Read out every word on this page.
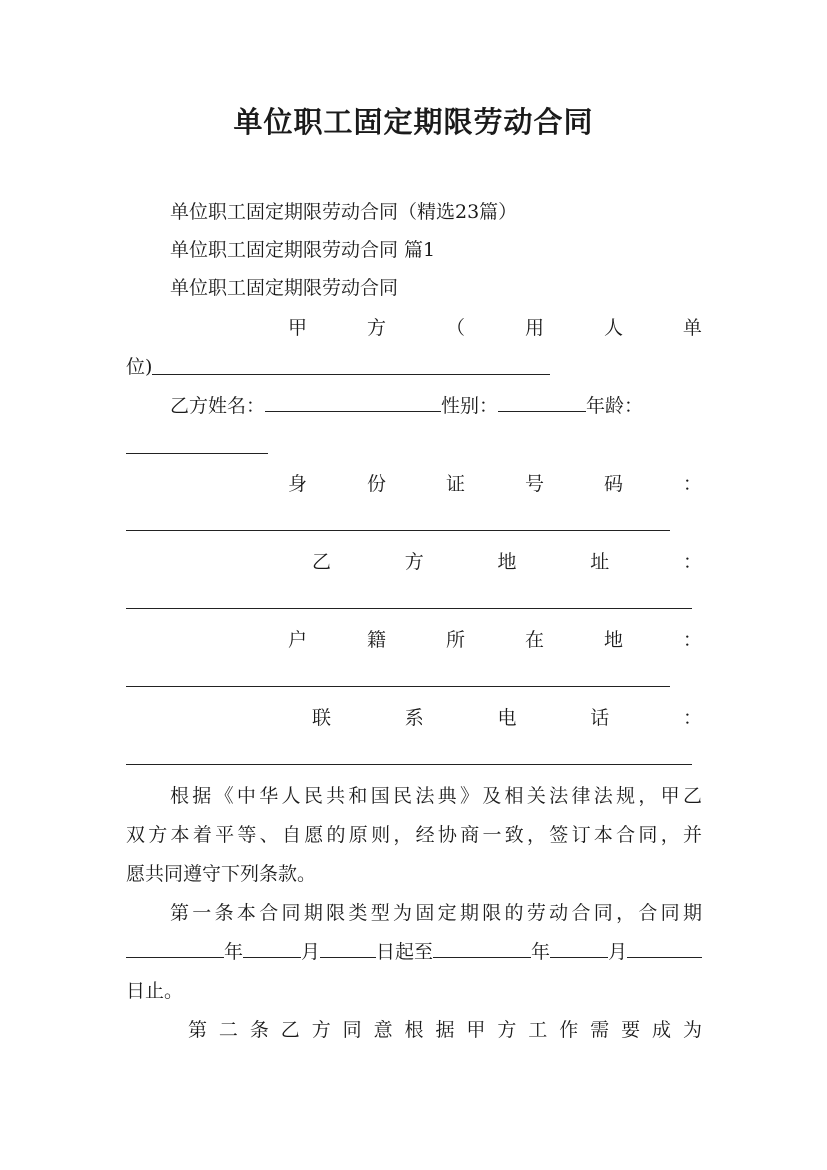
单位职工固定期限劳动合同
单位职工固定期限劳动合同（精选23篇）
单位职工固定期限劳动合同 篇1
单位职工固定期限劳动合同
甲	方	（	用	人	单
位)
乙方姓名：	性别：	年龄：
身	份	证	号	码	：
乙	方	地	址	：
户	籍	所	在	地	：
联	系	电	话	：
根据《中华人民共和国民法典》及相关法律法规，甲乙
双方本着平等、自愿的原则，经协商一致，签订本合同，并
愿共同遵守下列条款。
第一条本合同期限类型为固定期限的劳动合同，合同期
年	月	日起至	年	月
日止。
第二条乙方同意根据甲方工作需要成为
